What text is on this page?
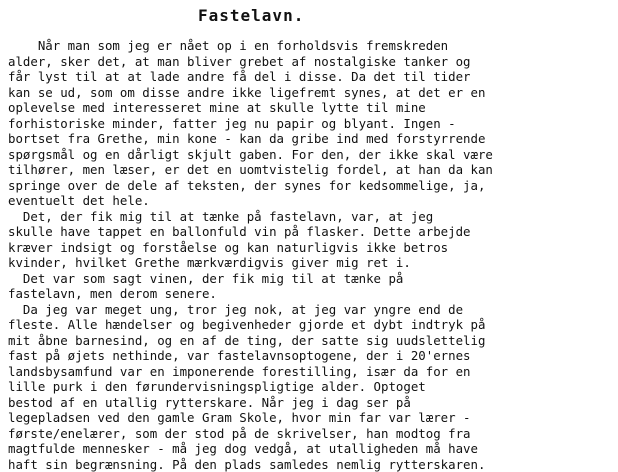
Fastelavn.
Når man som jeg er nået op i en forholdsvis fremskreden
alder, sker det, at man bliver grebet af nostalgiske tanker og
får lyst til at at lade andre få del i disse. Da det til tider
kan se ud, som om disse andre ikke ligefremt synes, at det er en
oplevelse med interesseret mine at skulle lytte til mine
forhistoriske minder, fatter jeg nu papir og blyant. Ingen -
bortset fra Grethe, min kone - kan da gribe ind med forstyrrende
spørgsmål og en dårligt skjult gaben. For den, der ikke skal være
tilhører, men læser, er det en uomtvistelig fordel, at han da kan
springe over de dele af teksten, der synes for kedsommelige, ja,
eventuelt det hele.
Det, der fik mig til at tænke på fastelavn, var, at jeg
skulle have tappet en ballonfuld vin på flasker. Dette arbejde
kræver indsigt og forståelse og kan naturligvis ikke betros
kvinder, hvilket Grethe mærkværdigvis giver mig ret i.
Det var som sagt vinen, der fik mig til at tænke på
fastelavn, men derom senere.
Da jeg var meget ung, tror jeg nok, at jeg var yngre end de
fleste. Alle hændelser og begivenheder gjorde et dybt indtryk på
mit åbne barnesind, og en af de ting, der satte sig uudslettelig
fast på øjets nethinde, var fastelavnsoptogene, der i 20'ernes
landsbysamfund var en imponerende forestilling, især da for en
lille purk i den førundervisningspligtige alder. Optoget
bestod af en utallig rytterskare. Når jeg i dag ser på
legepladsen ved den gamle Gram Skole, hvor min far var lærer -
første/enelærer, som der stod på de skrivelser, han modtog fra
magtfulde mennesker - må jeg dog vedgå, at utalligheden må have
haft sin begrænsning. På den plads samledes nemlig rytterskaren.
